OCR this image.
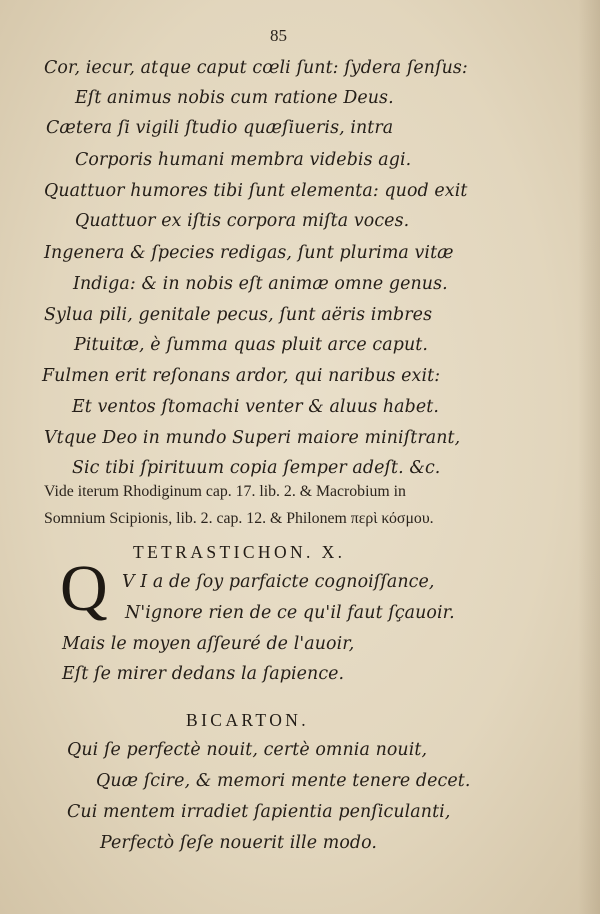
85
Cor, iecur, atque caput cœli ſunt: ſydera ſenſus:
Eſt animus nobis cum ratione Deus.
Cætera ſi vigili ſtudio quæſiueris, intra
Corporis humani membra videbis agi.
Quattuor humores tibi ſunt elementa: quod exit
Quattuor ex iſtis corpora miſta voces.
Ingenera & ſpecies redigas, ſunt plurima vitæ
Indiga: & in nobis eſt animæ omne genus.
Sylua pili, genitale pecus, ſunt aëris imbres
Pituitæ, è ſumma quas pluit arce caput.
Fulmen erit reſonans ardor, qui naribus exit:
Et ventos ſtomachi venter & aluus habet.
Vtque Deo in mundo Superi maiore miniſtrant,
Sic tibi ſpirituum copia ſemper adeſt. &c.
Vide iterum Rhodiginum cap. 17. lib. 2. & Macrobium in
Somnium Scipionis, lib. 2. cap. 12. & Philonem περὶ κόσμου.
TETRASTICHON. X.
Q V I a de ſoy parfaicte cognoiſſance,
N'ignore rien de ce qu'il faut ſçauoir.
Mais le moyen aſſeuré de l'auoir,
Eſt ſe mirer dedans la ſapience.
BICARTON.
Qui ſe perfectè nouit, certè omnia nouit,
Quæ ſcire, & memori mente tenere decet.
Cui mentem irradiet ſapientia penſiculanti,
Perfectò ſeſe nouerit ille modo.
